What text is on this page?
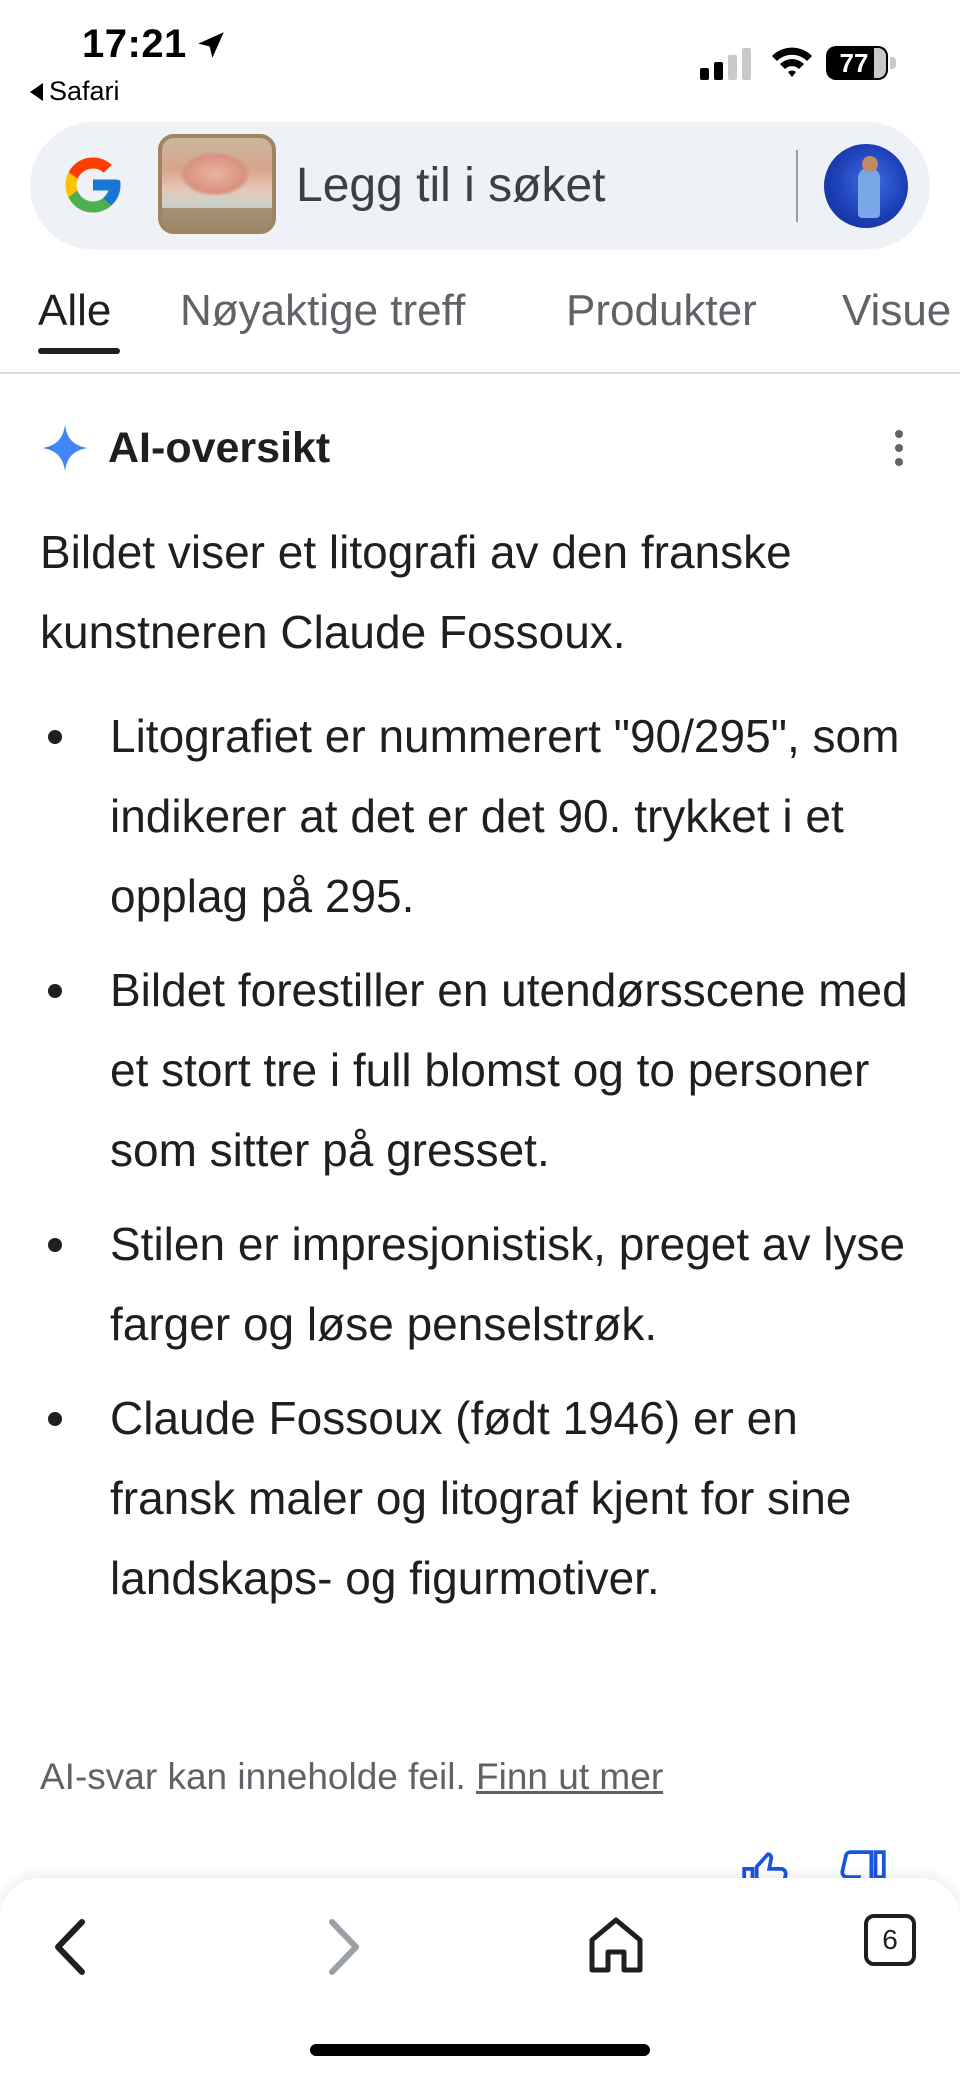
17:21
Safari
77
Legg til i søket
Alle Nøyaktige treff Produkter Visue
AI-oversikt

Bildet viser et litografi av den franske kunstneren Claude Fossoux.

Litografiet er nummerert "90/295", som indikerer at det er det 90. trykket i et opplag på 295.
Bildet forestiller en utendørsscene med et stort tre i full blomst og to personer som sitter på gresset.
Stilen er impresjonistisk, preget av lyse farger og løse penselstrøk.
Claude Fossoux (født 1946) er en fransk maler og litograf kjent for sine landskaps- og figurmotiver.
AI-svar kan inneholde feil. Finn ut mer
6
